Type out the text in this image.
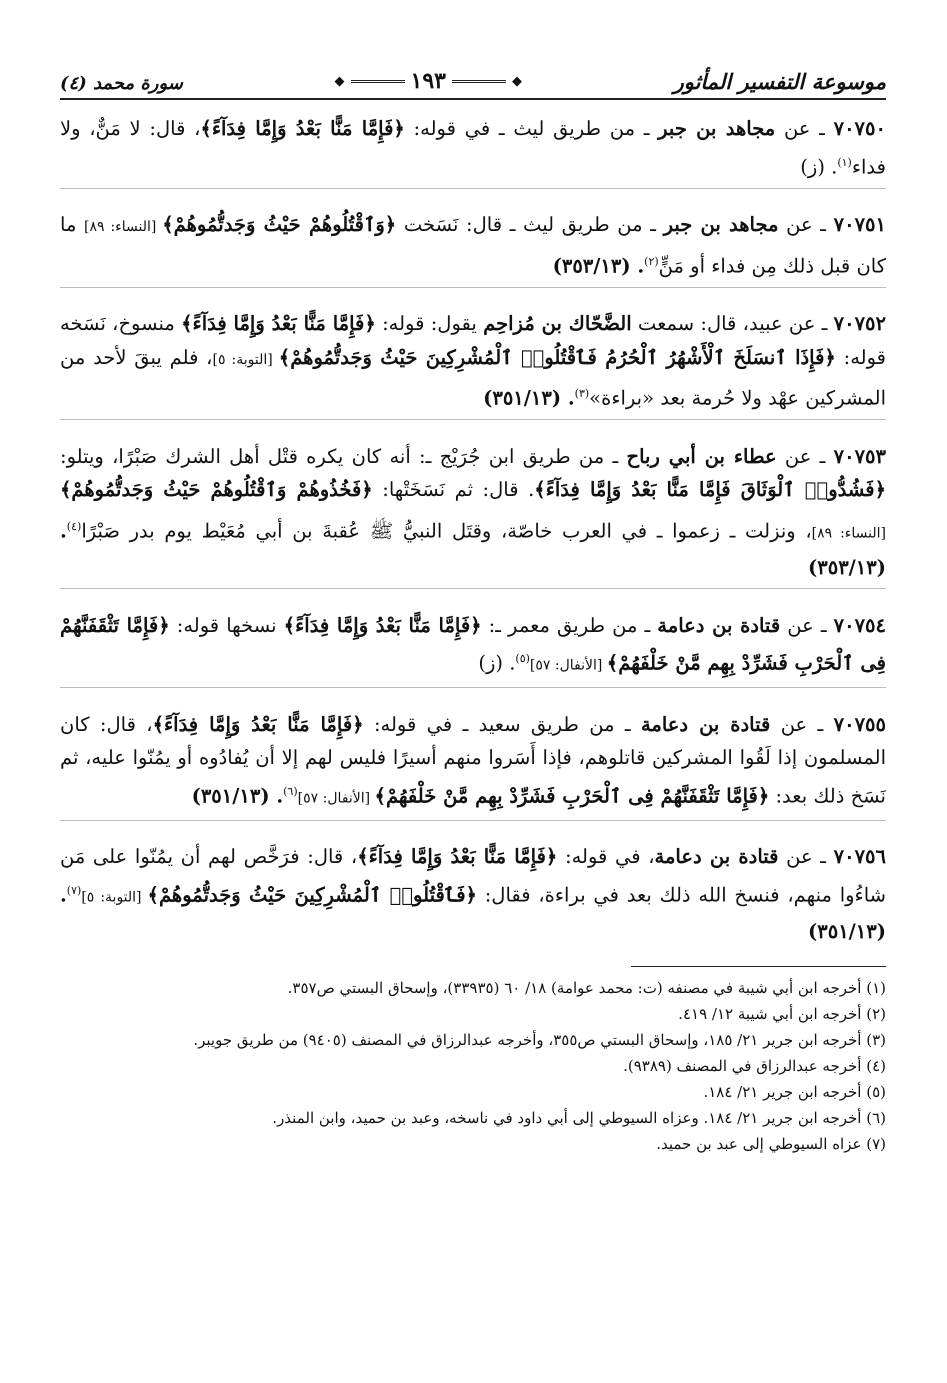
موسوعة التفسير المأثور
◆
١٩٣
◆
سورة محمد (٤)

٧٠٧٥٠ ـ عن مجاهد بن جبر ـ من طريق ليث ـ في قوله: ﴿فَإِمَّا مَنًّا بَعْدُ وَإِمَّا فِدَآءً﴾، قال: لا مَنٌّ، ولا فداء$^{(١)}$. (ز)

٧٠٧٥١ ـ عن مجاهد بن جبر ـ من طريق ليث ـ قال: نَسَخت ﴿وَٱقْتُلُوهُمْ حَيْثُ وَجَدتُّمُوهُمْ﴾ [النساء: ٨٩] ما كان قبل ذلك مِن فداء أو مَنٍّ$^{(٢)}$. (٣٥٣/١٣)

٧٠٧٥٢ ـ عن عبيد، قال: سمعت الضَّحّاك بن مُزاحِم يقول: قوله: ﴿فَإِمَّا مَنًّا بَعْدُ وَإِمَّا فِدَآءً﴾ منسوخ، نَسَخه قوله: ﴿فَإِذَا ٱنسَلَخَ ٱلْأَشْهُرُ ٱلْحُرُمُ فَٱقْتُلُوا۟ ٱلْمُشْرِكِينَ حَيْثُ وَجَدتُّمُوهُمْ﴾ [التوبة: ٥]، فلم يبقَ لأحد من المشركين عهْد ولا حُرمة بعد «براءة»$^{(٣)}$. (٣٥١/١٣)

٧٠٧٥٣ ـ عن عطاء بن أبي رباح ـ من طريق ابن جُرَيْج ـ: أنه كان يكره قتْل أهل الشرك صَبْرًا، ويتلو: ﴿فَشُدُّوا۟ ٱلْوَثَاقَ فَإِمَّا مَنًّا بَعْدُ وَإِمَّا فِدَآءً﴾. قال: ثم نَسَخَتْها: ﴿فَخُذُوهُمْ وَٱقْتُلُوهُمْ حَيْثُ وَجَدتُّمُوهُمْ﴾ [النساء: ٨٩]، ونزلت ـ زعموا ـ في العرب خاصّة، وقتَل النبيُّ ﷺ عُقبةَ بن أبي مُعَيْط يوم بدر صَبْرًا$^{(٤)}$. (٣٥٣/١٣)

٧٠٧٥٤ ـ عن قتادة بن دعامة ـ من طريق معمر ـ: ﴿فَإِمَّا مَنًّا بَعْدُ وَإِمَّا فِدَآءً﴾ نسخها قوله: ﴿فَإِمَّا تَثْقَفَنَّهُمْ فِى ٱلْحَرْبِ فَشَرِّدْ بِهِم مَّنْ خَلْفَهُمْ﴾ [الأنفال: ٥٧]$^{(٥)}$. (ز)

٧٠٧٥٥ ـ عن قتادة بن دعامة ـ من طريق سعيد ـ في قوله: ﴿فَإِمَّا مَنًّا بَعْدُ وَإِمَّا فِدَآءً﴾، قال: كان المسلمون إذا لَقُوا المشركين قاتلوهم، فإذا أَسَروا منهم أسيرًا فليس لهم إلا أن يُفادُوه أو يمُنّوا عليه، ثم نَسَخ ذلك بعد: ﴿فَإِمَّا تَثْقَفَنَّهُمْ فِى ٱلْحَرْبِ فَشَرِّدْ بِهِم مَّنْ خَلْفَهُمْ﴾ [الأنفال: ٥٧]$^{(٦)}$. (٣٥١/١٣)

٧٠٧٥٦ ـ عن قتادة بن دعامة، في قوله: ﴿فَإِمَّا مَنًّا بَعْدُ وَإِمَّا فِدَآءً﴾، قال: فرَخَّص لهم أن يمُنّوا على مَن شاءُوا منهم، فنسخ الله ذلك بعد في براءة، فقال: ﴿فَٱقْتُلُوا۟ ٱلْمُشْرِكِينَ حَيْثُ وَجَدتُّمُوهُمْ﴾ [التوبة: ٥]$^{(٧)}$. (٣٥١/١٣)

(١) أخرجه ابن أبي شيبة في مصنفه (ت: محمد عوامة) ١٨/ ٦٠ (٣٣٩٣٥)، وإسحاق البستي ص٣٥٧.
(٢) أخرجه ابن أبي شيبة ١٢/ ٤١٩.
(٣) أخرجه ابن جرير ٢١/ ١٨٥، وإسحاق البستي ص٣٥٥، وأخرجه عبدالرزاق في المصنف (٩٤٠٥) من طريق جويبر.
(٤) أخرجه عبدالرزاق في المصنف (٩٣٨٩).
(٥) أخرجه ابن جرير ٢١/ ١٨٤.
(٦) أخرجه ابن جرير ٢١/ ١٨٤. وعزاه السيوطي إلى أبي داود في ناسخه، وعبد بن حميد، وابن المنذر.
(٧) عزاه السيوطي إلى عبد بن حميد.
